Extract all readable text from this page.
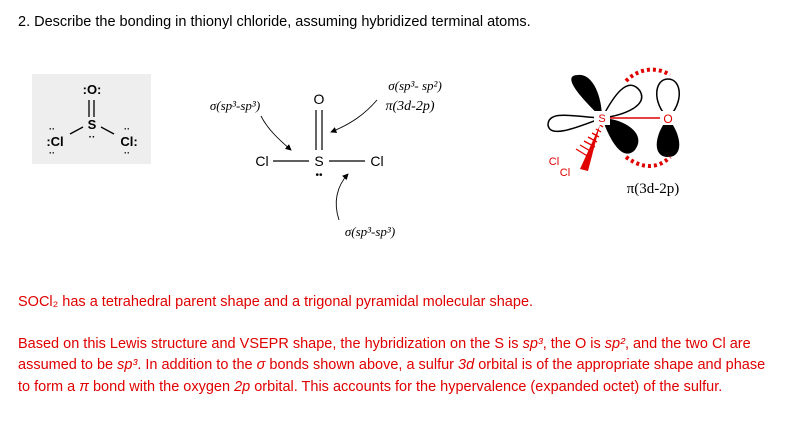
2. Describe the bonding in thionyl chloride, assuming hybridized terminal atoms.
:O:
S
··
··
:Cl
··
··
Cl:
··
O
S
••
Cl	Cl
σ(sp³-sp³)
σ(sp³- sp²)
π(3d-2p)
σ(sp³-sp³)
S	O
Cl
Cl
π(3d-2p)
SOCl₂ has a tetrahedral parent shape and a trigonal pyramidal molecular shape.
Based on this Lewis structure and VSEPR shape, the hybridization on the S is sp³, the O is sp², and the two Cl are assumed to be sp³. In addition to the σ bonds shown above, a sulfur 3d orbital is of the appropriate shape and phase to form a π bond with the oxygen 2p orbital. This accounts for the hypervalence (expanded octet) of the sulfur.
